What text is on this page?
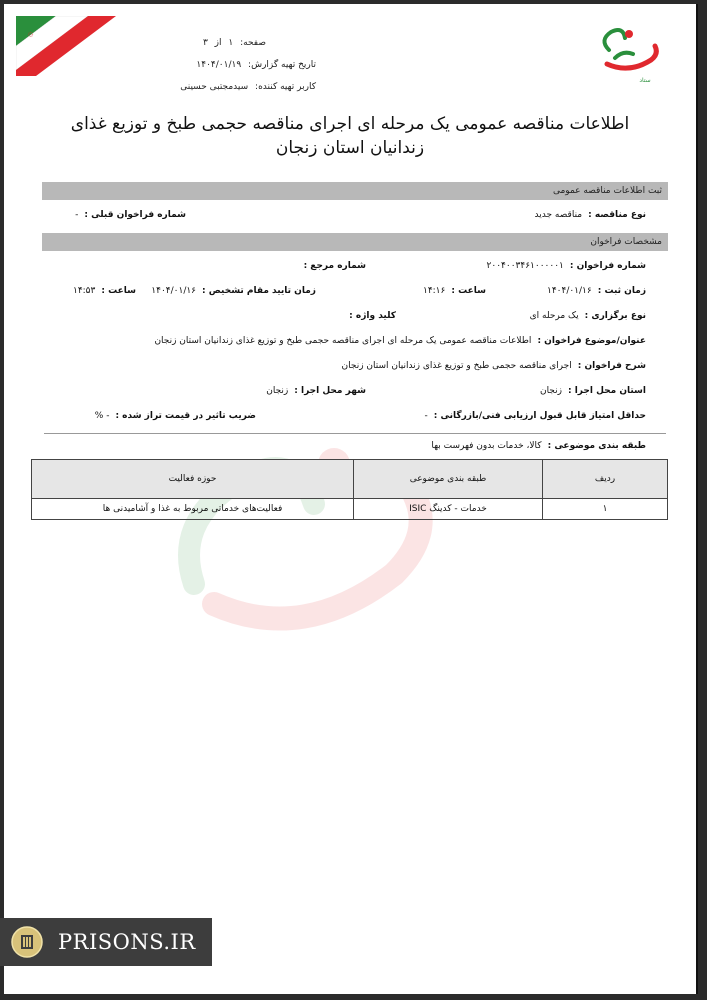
۞
ستاد
صفحه: ۱ از ۳
تاریخ تهیه گزارش: ۱۴۰۴/۰۱/۱۹
کاربر تهیه کننده: سیدمجتبی حسینی
اطلاعات مناقصه عمومی یک مرحله ای اجرای مناقصه حجمی طبخ و توزیع غذای زندانیان استان زنجان
ثبت اطلاعات مناقصه عمومی
نوع مناقصه :مناقصه جدید
شماره فراخوان قبلی :-
مشخصات فراخوان
شماره فراخوان :۲۰۰۴۰۰۳۴۶۱۰۰۰۰۰۱
شماره مرجع :
زمان ثبت :۱۴۰۴/۰۱/۱۶
ساعت :۱۴:۱۶
زمان تایید مقام تشخیص :۱۴۰۴/۰۱/۱۶
ساعت :۱۴:۵۳
نوع برگزاری :یک مرحله ای
کلید واژه :
عنوان/موضوع فراخوان :اطلاعات مناقصه عمومی یک مرحله ای اجرای مناقصه حجمی طبخ و توزیع غذای زندانیان استان زنجان
شرح فراخوان :اجرای مناقصه حجمی طبخ و توزیع غذای زندانیان استان زنجان
استان محل اجرا :زنجان
شهر محل اجرا :زنجان
حداقل امتیاز قابل قبول ارزیابی فنی/بازرگانی :-
ضریب تاثیر در قیمت تراز شده :- %
طبقه بندی موضوعی :کالا، خدمات بدون فهرست بها
ردیف	طبقه بندی موضوعی	حوزه فعالیت
۱	خدمات - کدینگ ISIC	فعالیت‌های خدماتی مربوط به غذا و آشامیدنی ها
PRISONS.IR
